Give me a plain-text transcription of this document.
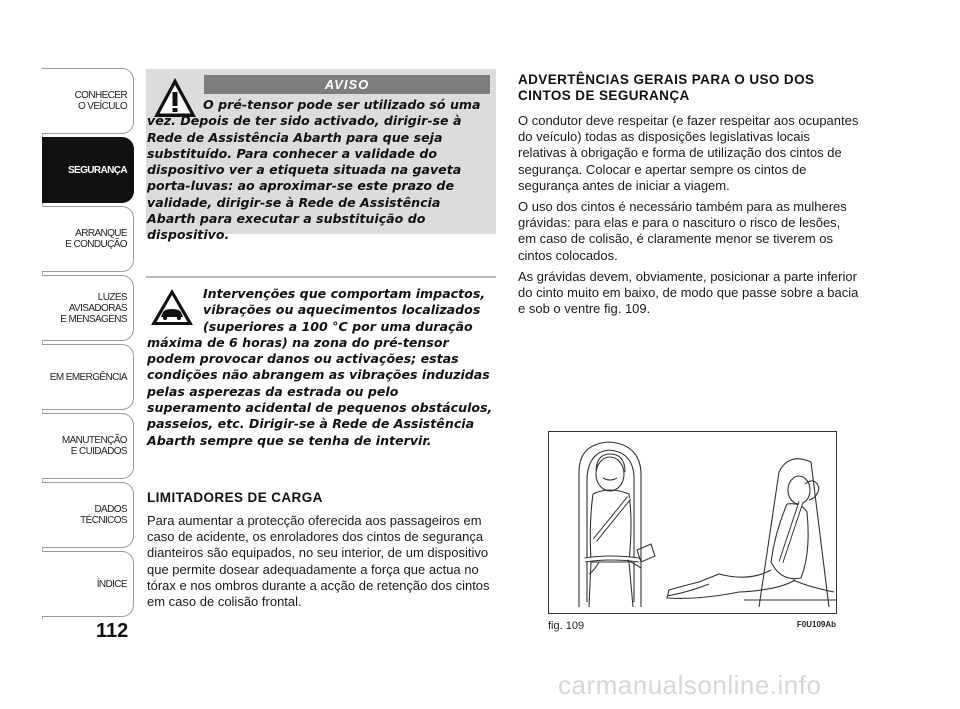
CONHECER
O VEÍCULO
SEGURANÇA
ARRANQUE
E CONDUÇÃO
LUZES
AVISADORAS
E MENSAGENS
EM EMERGÊNCIA
MANUTENÇÃO
E CUIDADOS
DADOS
TÉCNICOS
ÍNDICE
112
AVISO
O pré-tensor pode ser utilizado só uma vez. Depois de ter sido activado, dirigir-se à Rede de Assistência Abarth para que seja substituído. Para conhecer a validade do dispositivo ver a etiqueta situada na gaveta porta-luvas: ao aproximar-se este prazo de validade, dirigir-se à Rede de Assistência Abarth para executar a substituição do dispositivo.
Intervenções que comportam impactos, vibrações ou aquecimentos localizados (superiores a 100 °C por uma duração
máxima de 6 horas) na zona do pré-tensor podem provocar danos ou activações; estas condições não abrangem as vibrações induzidas pelas asperezas da estrada ou pelo superamento acidental de pequenos obstáculos, passeios, etc. Dirigir-se à Rede de Assistência Abarth sempre que se tenha de intervir.
LIMITADORES DE CARGA
Para aumentar a protecção oferecida aos passageiros em caso de acidente, os enroladores dos cintos de segurança dianteiros são equipados, no seu interior, de um dispositivo que permite dosear adequadamente a força que actua no tórax e nos ombros durante a acção de retenção dos cintos em caso de colisão frontal.
ADVERTÊNCIAS GERAIS PARA O USO DOS CINTOS DE SEGURANÇA

O condutor deve respeitar (e fazer respeitar aos ocupantes do veículo) todas as disposições legislativas locais relativas à obrigação e forma de utilização dos cintos de segurança. Colocar e apertar sempre os cintos de segurança antes de iniciar a viagem.

O uso dos cintos é necessário também para as mulheres grávidas: para elas e para o nascituro o risco de lesões, em caso de colisão, é claramente menor se tiverem os cintos colocados.

As grávidas devem, obviamente, posicionar a parte inferior do cinto muito em baixo, de modo que passe sobre a bacia e sob o ventre fig. 109.

fig. 109	F0U109Ab
carmanualsonline.info
